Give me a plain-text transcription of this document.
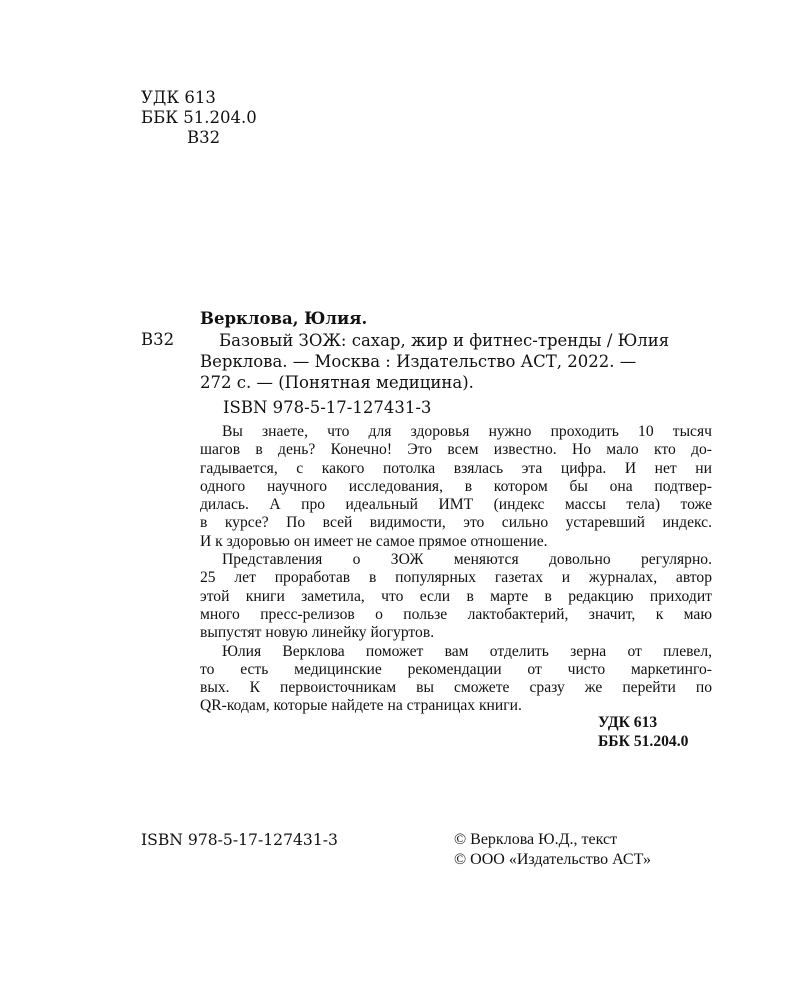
УДК 613
ББК 51.204.0
В32
Верклова, Юлия.
В32	Базовый ЗОЖ: сахар, жир и фитнес-тренды / Юлия
Верклова. — Москва : Издательство АСТ, 2022. —
272 с. — (Понятная медицина).
ISBN 978-5-17-127431-3
Вы знаете, что для здоровья нужно проходить 10 тысяч
шагов в день? Конечно! Это всем известно. Но мало кто до-
гадывается, с какого потолка взялась эта цифра. И нет ни
одного научного исследования, в котором бы она подтвер-
дилась. А про идеальный ИМТ (индекс массы тела) тоже
в курсе? По всей видимости, это сильно устаревший индекс.
И к здоровью он имеет не самое прямое отношение.
Представления о ЗОЖ меняются довольно регулярно.
25 лет проработав в популярных газетах и журналах, автор
этой книги заметила, что если в марте в редакцию приходит
много пресс-релизов о пользе лактобактерий, значит, к маю
выпустят новую линейку йогуртов.
Юлия Верклова поможет вам отделить зерна от плевел,
то есть медицинские рекомендации от чисто маркетинго-
вых. К первоисточникам вы сможете сразу же перейти по
QR-кодам, которые найдете на страницах книги.
УДК 613
ББК 51.204.0
ISBN 978-5-17-127431-3	© Верклова Ю.Д., текст
© ООО «Издательство АСТ»
